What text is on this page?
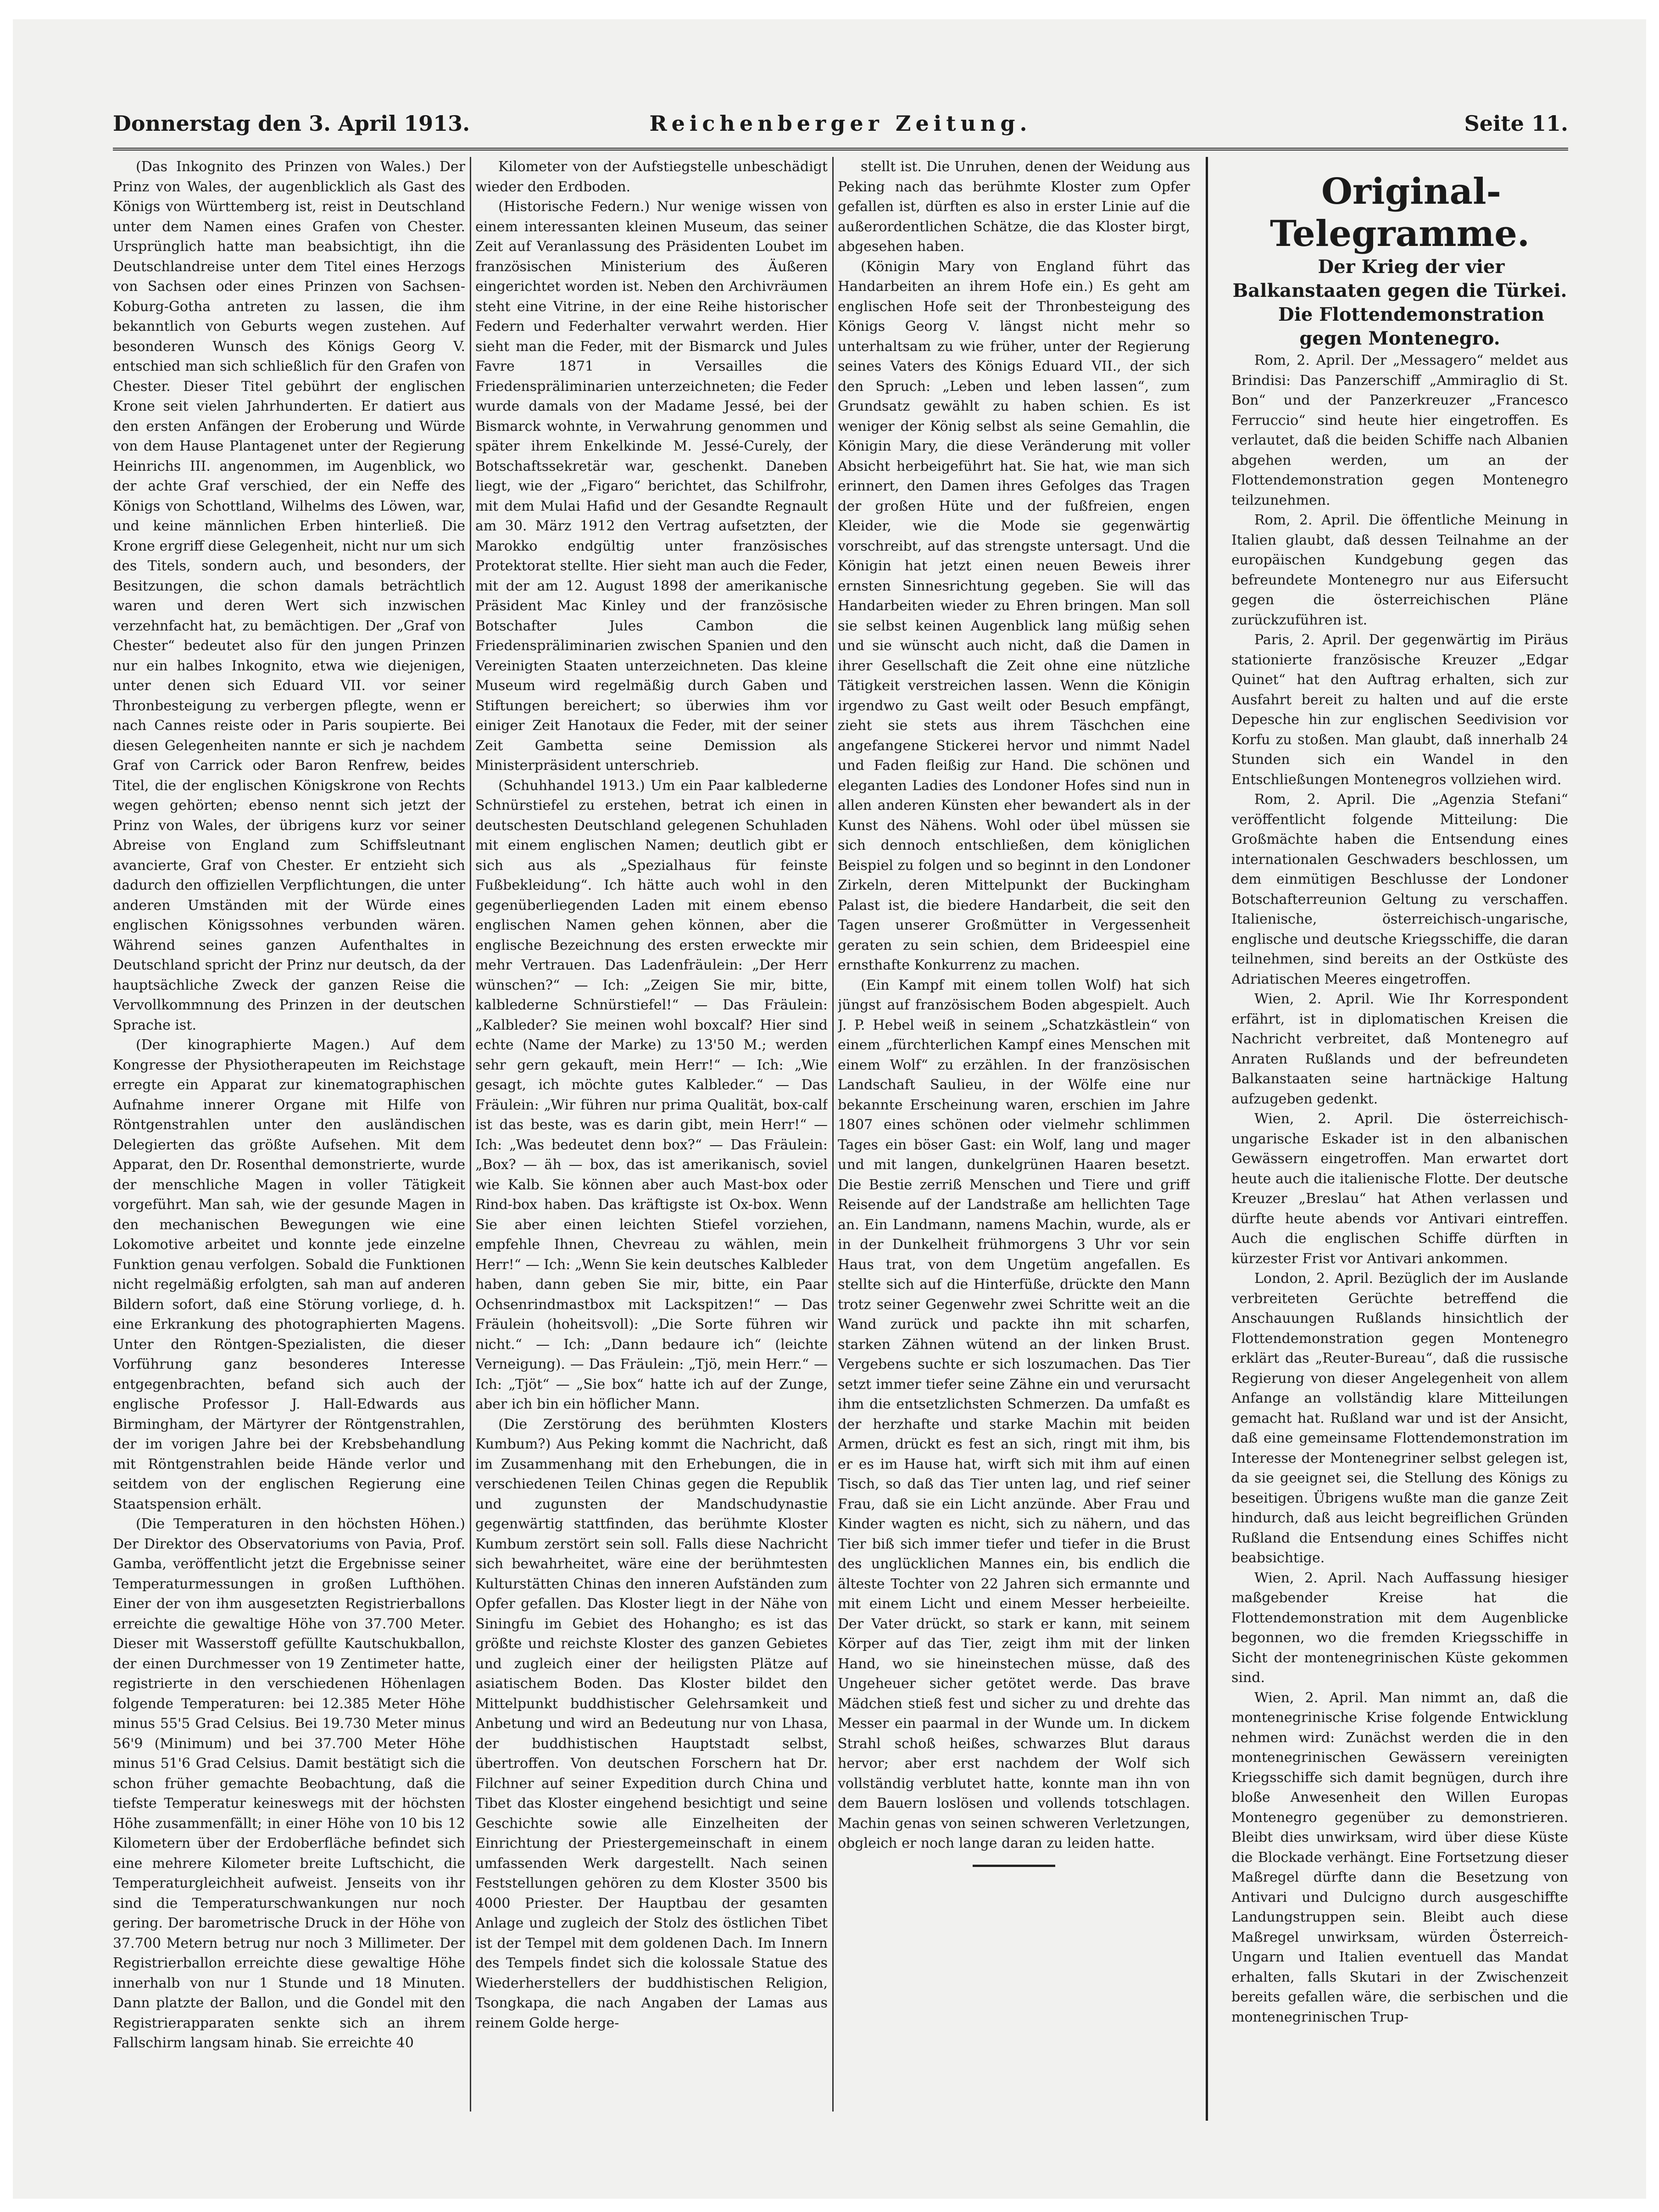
Donnerstag den 3. April 1913.	Reichenberger Zeitung.	Seite 11.

(Das Inkognito des Prinzen von Wales.) Der Prinz von Wales, der augenblicklich als Gast des Königs von Württemberg ist, reist in Deutschland unter dem Namen eines Grafen von Chester. Ursprünglich hatte man beabsichtigt, ihn die Deutschlandreise unter dem Titel eines Herzogs von Sachsen oder eines Prinzen von Sachsen-Koburg-Gotha antreten zu lassen, die ihm bekanntlich von Geburts wegen zustehen. Auf besonderen Wunsch des Königs Georg V. entschied man sich schließlich für den Grafen von Chester. Dieser Titel gebührt der englischen Krone seit vielen Jahrhunderten. Er datiert aus den ersten Anfängen der Eroberung und Würde von dem Hause Plantagenet unter der Regierung Heinrichs III. angenommen, im Augenblick, wo der achte Graf verschied, der ein Neffe des Königs von Schottland, Wilhelms des Löwen, war, und keine männlichen Erben hinterließ. Die Krone ergriff diese Gelegenheit, nicht nur um sich des Titels, sondern auch, und besonders, der Besitzungen, die schon damals beträchtlich waren und deren Wert sich inzwischen verzehnfacht hat, zu bemächtigen. Der „Graf von Chester“ bedeutet also für den jungen Prinzen nur ein halbes Inkognito, etwa wie diejenigen, unter denen sich Eduard VII. vor seiner Thronbesteigung zu verbergen pflegte, wenn er nach Cannes reiste oder in Paris soupierte. Bei diesen Gelegenheiten nannte er sich je nachdem Graf von Carrick oder Baron Renfrew, beides Titel, die der englischen Königskrone von Rechts wegen gehörten; ebenso nennt sich jetzt der Prinz von Wales, der übrigens kurz vor seiner Abreise von England zum Schiffsleutnant avancierte, Graf von Chester. Er entzieht sich dadurch den offiziellen Verpflichtungen, die unter anderen Umständen mit der Würde eines englischen Königssohnes verbunden wären. Während seines ganzen Aufenthaltes in Deutschland spricht der Prinz nur deutsch, da der hauptsächliche Zweck der ganzen Reise die Vervollkommnung des Prinzen in der deutschen Sprache ist.

(Der kinographierte Magen.) Auf dem Kongresse der Physiotherapeuten im Reichstage erregte ein Apparat zur kinematographischen Aufnahme innerer Organe mit Hilfe von Röntgenstrahlen unter den ausländischen Delegierten das größte Aufsehen. Mit dem Apparat, den Dr. Rosenthal demonstrierte, wurde der menschliche Magen in voller Tätigkeit vorgeführt. Man sah, wie der gesunde Magen in den mechanischen Bewegungen wie eine Lokomotive arbeitet und konnte jede einzelne Funktion genau verfolgen. Sobald die Funktionen nicht regelmäßig erfolgten, sah man auf anderen Bildern sofort, daß eine Störung vorliege, d. h. eine Erkrankung des photographierten Magens. Unter den Röntgen-Spezialisten, die dieser Vorführung ganz besonderes Interesse entgegenbrachten, befand sich auch der englische Professor J. Hall-Edwards aus Birmingham, der Märtyrer der Röntgenstrahlen, der im vorigen Jahre bei der Krebsbehandlung mit Röntgenstrahlen beide Hände verlor und seitdem von der englischen Regierung eine Staatspension erhält.

(Die Temperaturen in den höchsten Höhen.) Der Direktor des Observatoriums von Pavia, Prof. Gamba, veröffentlicht jetzt die Ergebnisse seiner Temperaturmessungen in großen Lufthöhen. Einer der von ihm ausgesetzten Registrierballons erreichte die gewaltige Höhe von 37.700 Meter. Dieser mit Wasserstoff gefüllte Kautschukballon, der einen Durchmesser von 19 Zentimeter hatte, registrierte in den verschiedenen Höhenlagen folgende Temperaturen: bei 12.385 Meter Höhe minus 55'5 Grad Celsius. Bei 19.730 Meter minus 56'9 (Minimum) und bei 37.700 Meter Höhe minus 51'6 Grad Celsius. Damit bestätigt sich die schon früher gemachte Beobachtung, daß die tiefste Temperatur keineswegs mit der höchsten Höhe zusammenfällt; in einer Höhe von 10 bis 12 Kilometern über der Erdoberfläche befindet sich eine mehrere Kilometer breite Luftschicht, die Temperaturgleichheit aufweist. Jenseits von ihr sind die Temperaturschwankungen nur noch gering. Der barometrische Druck in der Höhe von 37.700 Metern betrug nur noch 3 Millimeter. Der Registrierballon erreichte diese gewaltige Höhe innerhalb von nur 1 Stunde und 18 Minuten. Dann platzte der Ballon, und die Gondel mit den Registrierapparaten senkte sich an ihrem Fallschirm langsam hinab. Sie erreichte 40

Kilometer von der Aufstiegstelle unbeschädigt wieder den Erdboden.

(Historische Federn.) Nur wenige wissen von einem interessanten kleinen Museum, das seiner Zeit auf Veranlassung des Präsidenten Loubet im französischen Ministerium des Äußeren eingerichtet worden ist. Neben den Archivräumen steht eine Vitrine, in der eine Reihe historischer Federn und Federhalter verwahrt werden. Hier sieht man die Feder, mit der Bismarck und Jules Favre 1871 in Versailles die Friedenspräliminarien unterzeichneten; die Feder wurde damals von der Madame Jessé, bei der Bismarck wohnte, in Verwahrung genommen und später ihrem Enkelkinde M. Jessé-Curely, der Botschaftssekretär war, geschenkt. Daneben liegt, wie der „Figaro“ berichtet, das Schilfrohr, mit dem Mulai Hafid und der Gesandte Regnault am 30. März 1912 den Vertrag aufsetzten, der Marokko endgültig unter französisches Protektorat stellte. Hier sieht man auch die Feder, mit der am 12. August 1898 der amerikanische Präsident Mac Kinley und der französische Botschafter Jules Cambon die Friedenspräliminarien zwischen Spanien und den Vereinigten Staaten unterzeichneten. Das kleine Museum wird regelmäßig durch Gaben und Stiftungen bereichert; so überwies ihm vor einiger Zeit Hanotaux die Feder, mit der seiner Zeit Gambetta seine Demission als Ministerpräsident unterschrieb.

(Schuhhandel 1913.) Um ein Paar kalblederne Schnürstiefel zu erstehen, betrat ich einen in deutschesten Deutschland gelegenen Schuhladen mit einem englischen Namen; deutlich gibt er sich aus als „Spezialhaus für feinste Fußbekleidung“. Ich hätte auch wohl in den gegenüberliegenden Laden mit einem ebenso englischen Namen gehen können, aber die englische Bezeichnung des ersten erweckte mir mehr Vertrauen. Das Ladenfräulein: „Der Herr wünschen?“ — Ich: „Zeigen Sie mir, bitte, kalblederne Schnürstiefel!“ — Das Fräulein: „Kalbleder? Sie meinen wohl boxcalf? Hier sind echte (Name der Marke) zu 13'50 M.; werden sehr gern gekauft, mein Herr!“ — Ich: „Wie gesagt, ich möchte gutes Kalbleder.“ — Das Fräulein: „Wir führen nur prima Qualität, box-calf ist das beste, was es darin gibt, mein Herr!“ — Ich: „Was bedeutet denn box?“ — Das Fräulein: „Box? — äh — box, das ist amerikanisch, soviel wie Kalb. Sie können aber auch Mast-box oder Rind-box haben. Das kräftigste ist Ox-box. Wenn Sie aber einen leichten Stiefel vorziehen, empfehle Ihnen, Chevreau zu wählen, mein Herr!“ — Ich: „Wenn Sie kein deutsches Kalbleder haben, dann geben Sie mir, bitte, ein Paar Ochsenrindmastbox mit Lackspitzen!“ — Das Fräulein (hoheitsvoll): „Die Sorte führen wir nicht.“ — Ich: „Dann bedaure ich“ (leichte Verneigung). — Das Fräulein: „Tjö, mein Herr.“ — Ich: „Tjöt“ — „Sie box“ hatte ich auf der Zunge, aber ich bin ein höflicher Mann.

(Die Zerstörung des berühmten Klosters Kumbum?) Aus Peking kommt die Nachricht, daß im Zusammenhang mit den Erhebungen, die in verschiedenen Teilen Chinas gegen die Republik und zugunsten der Mandschudynastie gegenwärtig stattfinden, das berühmte Kloster Kumbum zerstört sein soll. Falls diese Nachricht sich bewahrheitet, wäre eine der berühmtesten Kulturstätten Chinas den inneren Aufständen zum Opfer gefallen. Das Kloster liegt in der Nähe von Siningfu im Gebiet des Hohangho; es ist das größte und reichste Kloster des ganzen Gebietes und zugleich einer der heiligsten Plätze auf asiatischem Boden. Das Kloster bildet den Mittelpunkt buddhistischer Gelehrsamkeit und Anbetung und wird an Bedeutung nur von Lhasa, der buddhistischen Hauptstadt selbst, übertroffen. Von deutschen Forschern hat Dr. Filchner auf seiner Expedition durch China und Tibet das Kloster eingehend besichtigt und seine Geschichte sowie alle Einzelheiten der Einrichtung der Priestergemeinschaft in einem umfassenden Werk dargestellt. Nach seinen Feststellungen gehören zu dem Kloster 3500 bis 4000 Priester. Der Hauptbau der gesamten Anlage und zugleich der Stolz des östlichen Tibet ist der Tempel mit dem goldenen Dach. Im Innern des Tempels findet sich die kolossale Statue des Wiederherstellers der buddhistischen Religion, Tsongkapa, die nach Angaben der Lamas aus reinem Golde herge-

stellt ist. Die Unruhen, denen der Weidung aus Peking nach das berühmte Kloster zum Opfer gefallen ist, dürften es also in erster Linie auf die außerordentlichen Schätze, die das Kloster birgt, abgesehen haben.

(Königin Mary von England führt das Handarbeiten an ihrem Hofe ein.) Es geht am englischen Hofe seit der Thronbesteigung des Königs Georg V. längst nicht mehr so unterhaltsam zu wie früher, unter der Regierung seines Vaters des Königs Eduard VII., der sich den Spruch: „Leben und leben lassen“, zum Grundsatz gewählt zu haben schien. Es ist weniger der König selbst als seine Gemahlin, die Königin Mary, die diese Veränderung mit voller Absicht herbeigeführt hat. Sie hat, wie man sich erinnert, den Damen ihres Gefolges das Tragen der großen Hüte und der fußfreien, engen Kleider, wie die Mode sie gegenwärtig vorschreibt, auf das strengste untersagt. Und die Königin hat jetzt einen neuen Beweis ihrer ernsten Sinnesrichtung gegeben. Sie will das Handarbeiten wieder zu Ehren bringen. Man soll sie selbst keinen Augenblick lang müßig sehen und sie wünscht auch nicht, daß die Damen in ihrer Gesellschaft die Zeit ohne eine nützliche Tätigkeit verstreichen lassen. Wenn die Königin irgendwo zu Gast weilt oder Besuch empfängt, zieht sie stets aus ihrem Täschchen eine angefangene Stickerei hervor und nimmt Nadel und Faden fleißig zur Hand. Die schönen und eleganten Ladies des Londoner Hofes sind nun in allen anderen Künsten eher bewandert als in der Kunst des Nähens. Wohl oder übel müssen sie sich dennoch entschließen, dem königlichen Beispiel zu folgen und so beginnt in den Londoner Zirkeln, deren Mittelpunkt der Buckingham Palast ist, die biedere Handarbeit, die seit den Tagen unserer Großmütter in Vergessenheit geraten zu sein schien, dem Brideespiel eine ernsthafte Konkurrenz zu machen.

(Ein Kampf mit einem tollen Wolf) hat sich jüngst auf französischem Boden abgespielt. Auch J. P. Hebel weiß in seinem „Schatzkästlein“ von einem „fürchterlichen Kampf eines Menschen mit einem Wolf“ zu erzählen. In der französischen Landschaft Saulieu, in der Wölfe eine nur bekannte Erscheinung waren, erschien im Jahre 1807 eines schönen oder vielmehr schlimmen Tages ein böser Gast: ein Wolf, lang und mager und mit langen, dunkelgrünen Haaren besetzt. Die Bestie zerriß Menschen und Tiere und griff Reisende auf der Landstraße am hellichten Tage an. Ein Landmann, namens Machin, wurde, als er in der Dunkelheit frühmorgens 3 Uhr vor sein Haus trat, von dem Ungetüm angefallen. Es stellte sich auf die Hinterfüße, drückte den Mann trotz seiner Gegenwehr zwei Schritte weit an die Wand zurück und packte ihn mit scharfen, starken Zähnen wütend an der linken Brust. Vergebens suchte er sich loszumachen. Das Tier setzt immer tiefer seine Zähne ein und verursacht ihm die entsetzlichsten Schmerzen. Da umfaßt es der herzhafte und starke Machin mit beiden Armen, drückt es fest an sich, ringt mit ihm, bis er es im Hause hat, wirft sich mit ihm auf einen Tisch, so daß das Tier unten lag, und rief seiner Frau, daß sie ein Licht anzünde. Aber Frau und Kinder wagten es nicht, sich zu nähern, und das Tier biß sich immer tiefer und tiefer in die Brust des unglücklichen Mannes ein, bis endlich die älteste Tochter von 22 Jahren sich ermannte und mit einem Licht und einem Messer herbeieilte. Der Vater drückt, so stark er kann, mit seinem Körper auf das Tier, zeigt ihm mit der linken Hand, wo sie hineinstechen müsse, daß des Ungeheuer sicher getötet werde. Das brave Mädchen stieß fest und sicher zu und drehte das Messer ein paarmal in der Wunde um. In dickem Strahl schoß heißes, schwarzes Blut daraus hervor; aber erst nachdem der Wolf sich vollständig verblutet hatte, konnte man ihn von dem Bauern loslösen und vollends totschlagen. Machin genas von seinen schweren Verletzungen, obgleich er noch lange daran zu leiden hatte.

Original-Telegramme.

Der Krieg der vier Balkanstaaten gegen die Türkei.

Die Flottendemonstration gegen Montenegro.

Rom, 2. April. Der „Messagero“ meldet aus Brindisi: Das Panzerschiff „Ammiraglio di St. Bon“ und der Panzerkreuzer „Francesco Ferruccio“ sind heute hier eingetroffen. Es verlautet, daß die beiden Schiffe nach Albanien abgehen werden, um an der Flottendemonstration gegen Montenegro teilzunehmen.

Rom, 2. April. Die öffentliche Meinung in Italien glaubt, daß dessen Teilnahme an der europäischen Kundgebung gegen das befreundete Montenegro nur aus Eifersucht gegen die österreichischen Pläne zurückzuführen ist.

Paris, 2. April. Der gegenwärtig im Piräus stationierte französische Kreuzer „Edgar Quinet“ hat den Auftrag erhalten, sich zur Ausfahrt bereit zu halten und auf die erste Depesche hin zur englischen Seedivision vor Korfu zu stoßen. Man glaubt, daß innerhalb 24 Stunden sich ein Wandel in den Entschließungen Montenegros vollziehen wird.

Rom, 2. April. Die „Agenzia Stefani“ veröffentlicht folgende Mitteilung: Die Großmächte haben die Entsendung eines internationalen Geschwaders beschlossen, um dem einmütigen Beschlusse der Londoner Botschafterreunion Geltung zu verschaffen. Italienische, österreichisch-ungarische, englische und deutsche Kriegsschiffe, die daran teilnehmen, sind bereits an der Ostküste des Adriatischen Meeres eingetroffen.

Wien, 2. April. Wie Ihr Korrespondent erfährt, ist in diplomatischen Kreisen die Nachricht verbreitet, daß Montenegro auf Anraten Rußlands und der befreundeten Balkanstaaten seine hartnäckige Haltung aufzugeben gedenkt.

Wien, 2. April. Die österreichisch-ungarische Eskader ist in den albanischen Gewässern eingetroffen. Man erwartet dort heute auch die italienische Flotte. Der deutsche Kreuzer „Breslau“ hat Athen verlassen und dürfte heute abends vor Antivari eintreffen. Auch die englischen Schiffe dürften in kürzester Frist vor Antivari ankommen.

London, 2. April. Bezüglich der im Auslande verbreiteten Gerüchte betreffend die Anschauungen Rußlands hinsichtlich der Flottendemonstration gegen Montenegro erklärt das „Reuter-Bureau“, daß die russische Regierung von dieser Angelegenheit von allem Anfange an vollständig klare Mitteilungen gemacht hat. Rußland war und ist der Ansicht, daß eine gemeinsame Flottendemonstration im Interesse der Montenegriner selbst gelegen ist, da sie geeignet sei, die Stellung des Königs zu beseitigen. Übrigens wußte man die ganze Zeit hindurch, daß aus leicht begreiflichen Gründen Rußland die Entsendung eines Schiffes nicht beabsichtige.

Wien, 2. April. Nach Auffassung hiesiger maßgebender Kreise hat die Flottendemonstration mit dem Augenblicke begonnen, wo die fremden Kriegsschiffe in Sicht der montenegrinischen Küste gekommen sind.

Wien, 2. April. Man nimmt an, daß die montenegrinische Krise folgende Entwicklung nehmen wird: Zunächst werden die in den montenegrinischen Gewässern vereinigten Kriegsschiffe sich damit begnügen, durch ihre bloße Anwesenheit den Willen Europas Montenegro gegenüber zu demonstrieren. Bleibt dies unwirksam, wird über diese Küste die Blockade verhängt. Eine Fortsetzung dieser Maßregel dürfte dann die Besetzung von Antivari und Dulcigno durch ausgeschiffte Landungstruppen sein. Bleibt auch diese Maßregel unwirksam, würden Österreich-Ungarn und Italien eventuell das Mandat erhalten, falls Skutari in der Zwischenzeit bereits gefallen wäre, die serbischen und die montenegrinischen Trup-
